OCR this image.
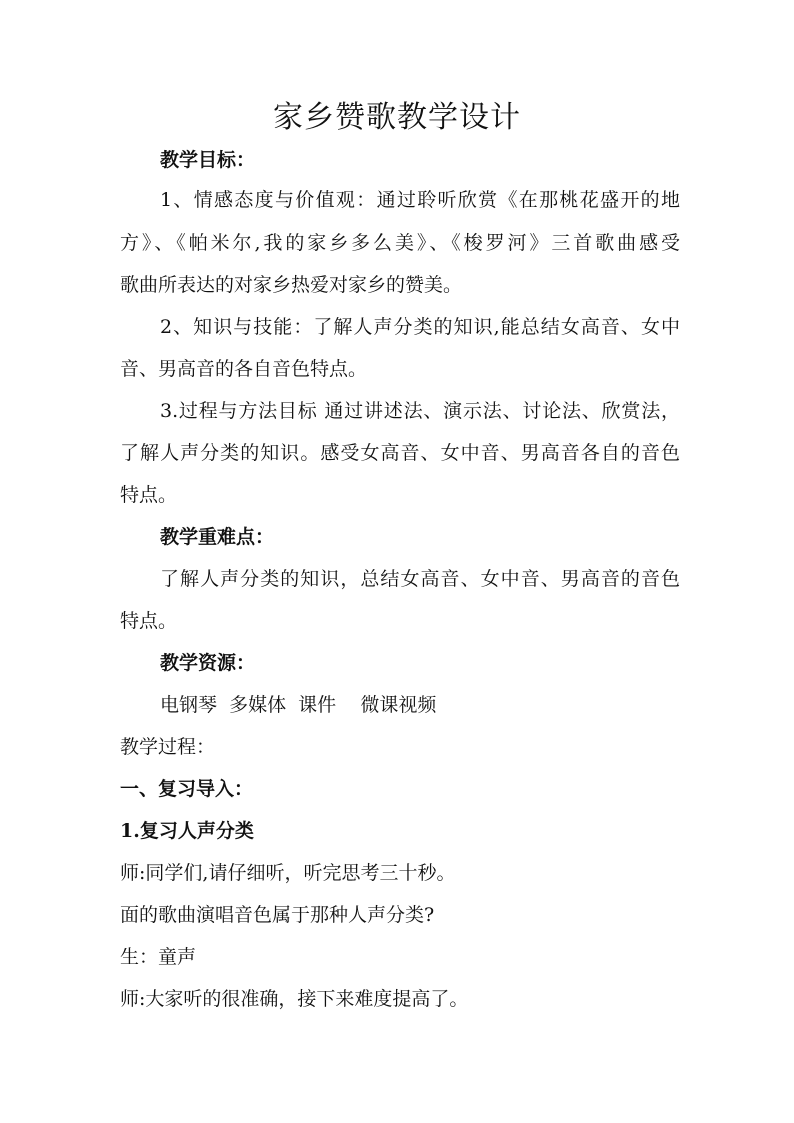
家乡赞歌教学设计
教学目标：
1、情感态度与价值观：通过聆听欣赏《在那桃花盛开的地
方》、《帕米尔,我的家乡多么美》、《梭罗河》三首歌曲感受
歌曲所表达的对家乡热爱对家乡的赞美。
2、知识与技能：了解人声分类的知识,能总结女高音、女中
音、男高音的各自音色特点。
3.过程与方法目标 通过讲述法、演示法、讨论法、欣赏法，
了解人声分类的知识。感受女高音、女中音、男高音各自的音色
特点。
教学重难点：
了解人声分类的知识，总结女高音、女中音、男高音的音色
特点。
教学资源：
电钢琴  多媒体  课件    微课视频
教学过程：
一、复习导入：
1.复习人声分类
师:同学们,请仔细听，听完思考三十秒。
面的歌曲演唱音色属于那种人声分类?
生：童声
师:大家听的很准确，接下来难度提高了。
